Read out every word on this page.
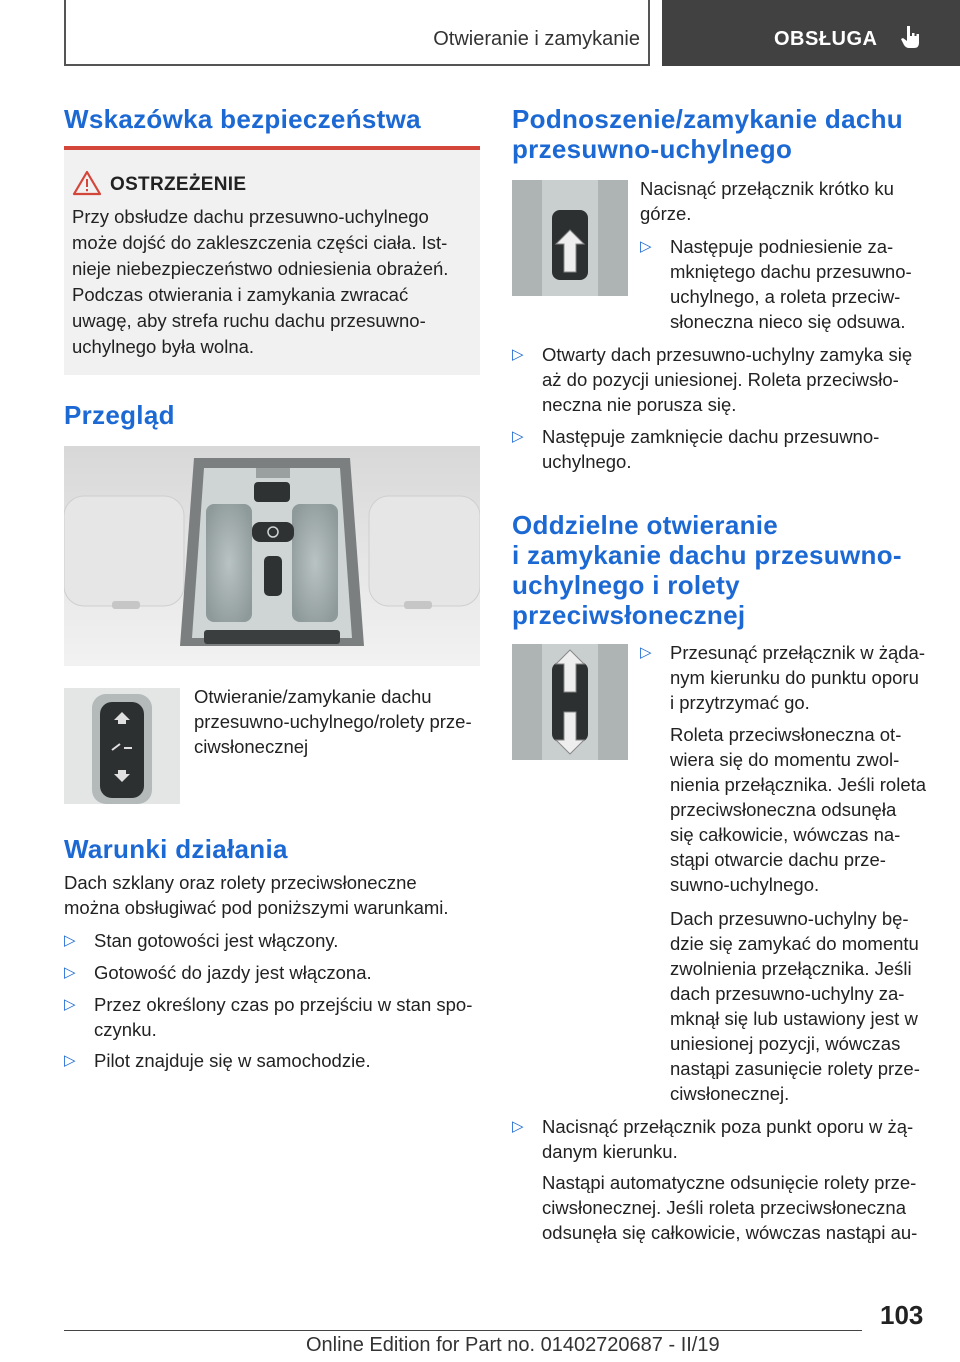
Otwieranie i zamykanie	OBSŁUGA
Wskazówka bezpieczeństwa
OSTRZEŻENIE
Przy obsłudze dachu przesuwno-uchylnego
może dojść do zakleszczenia części ciała. Ist-
nieje niebezpieczeństwo odniesienia obrażeń.
Podczas otwierania i zamykania zwracać
uwagę, aby strefa ruchu dachu przesuwno-
uchylnego była wolna.
Przegląd
Otwieranie/zamykanie dachu
przesuwno-uchylnego/rolety prze-
ciwsłonecznej
Warunki działania
Dach szklany oraz rolety przeciwsłoneczne
można obsługiwać pod poniższymi warunkami.
▷ Stan gotowości jest włączony.
▷ Gotowość do jazdy jest włączona.
▷ Przez określony czas po przejściu w stan spo-
czynku.
▷ Pilot znajduje się w samochodzie.
Podnoszenie/zamykanie dachu
przesuwno-uchylnego
Nacisnąć przełącznik krótko ku
górze.
▷ Następuje podniesienie za-
mkniętego dachu przesuwno-
uchylnego, a roleta przeciw-
słoneczna nieco się odsuwa.
▷ Otwarty dach przesuwno-uchylny zamyka się
aż do pozycji uniesionej. Roleta przeciwsło-
neczna nie porusza się.
▷ Następuje zamknięcie dachu przesuwno-
uchylnego.
Oddzielne otwieranie
i zamykanie dachu przesuwno-
uchylnego i rolety
przeciwsłonecznej
▷ Przesunąć przełącznik w żąda-
nym kierunku do punktu oporu
i przytrzymać go.
Roleta przeciwsłoneczna ot-
wiera się do momentu zwol-
nienia przełącznika. Jeśli roleta
przeciwsłoneczna odsunęła
się całkowicie, wówczas na-
stąpi otwarcie dachu prze-
suwno-uchylnego.
Dach przesuwno-uchylny bę-
dzie się zamykać do momentu
zwolnienia przełącznika. Jeśli
dach przesuwno-uchylny za-
mknął się lub ustawiony jest w
uniesionej pozycji, wówczas
nastąpi zasunięcie rolety prze-
ciwsłonecznej.
▷ Nacisnąć przełącznik poza punkt oporu w żą-
danym kierunku.
Nastąpi automatyczne odsunięcie rolety prze-
ciwsłonecznej. Jeśli roleta przeciwsłoneczna
odsunęła się całkowicie, wówczas nastąpi au-
103
Online Edition for Part no. 01402720687 - II/19
